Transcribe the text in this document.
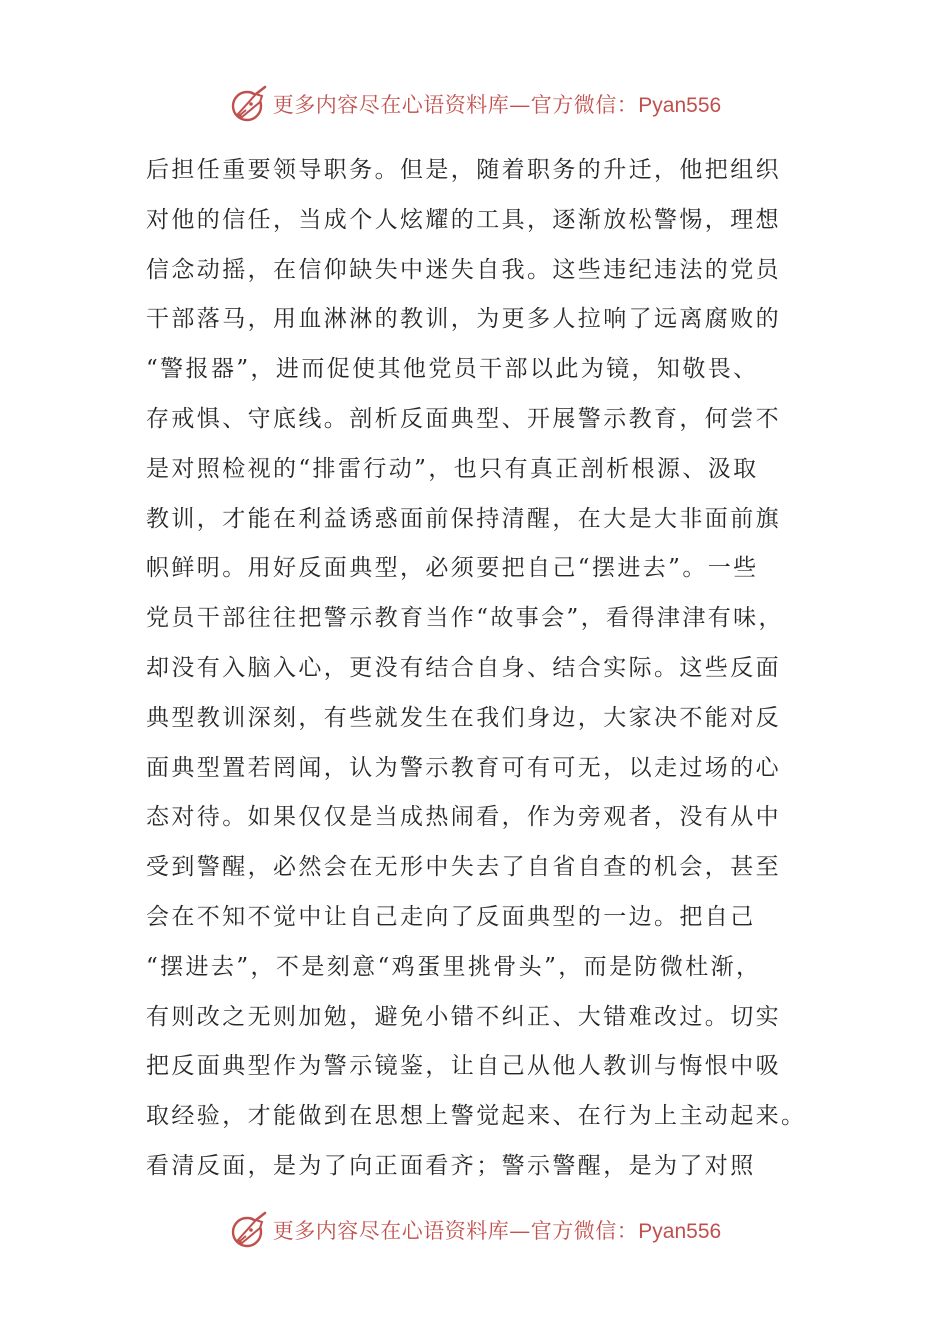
更多内容尽在心语资料库—官方微信：Pyan556
后担任重要领导职务。但是，随着职务的升迁，他把组织
对他的信任，当成个人炫耀的工具，逐渐放松警惕，理想
信念动摇，在信仰缺失中迷失自我。这些违纪违法的党员
干部落马，用血淋淋的教训，为更多人拉响了远离腐败的
“警报器”，进而促使其他党员干部以此为镜，知敬畏、
存戒惧、守底线。剖析反面典型、开展警示教育，何尝不
是对照检视的“排雷行动”，也只有真正剖析根源、汲取
教训，才能在利益诱惑面前保持清醒，在大是大非面前旗
帜鲜明。用好反面典型，必须要把自己“摆进去”。一些
党员干部往往把警示教育当作“故事会”，看得津津有味，
却没有入脑入心，更没有结合自身、结合实际。这些反面
典型教训深刻，有些就发生在我们身边，大家决不能对反
面典型置若罔闻，认为警示教育可有可无，以走过场的心
态对待。如果仅仅是当成热闹看，作为旁观者，没有从中
受到警醒，必然会在无形中失去了自省自查的机会，甚至
会在不知不觉中让自己走向了反面典型的一边。把自己
“摆进去”，不是刻意“鸡蛋里挑骨头”，而是防微杜渐，
有则改之无则加勉，避免小错不纠正、大错难改过。切实
把反面典型作为警示镜鉴，让自己从他人教训与悔恨中吸
取经验，才能做到在思想上警觉起来、在行为上主动起来。
看清反面，是为了向正面看齐；警示警醒，是为了对照
更多内容尽在心语资料库—官方微信：Pyan556
